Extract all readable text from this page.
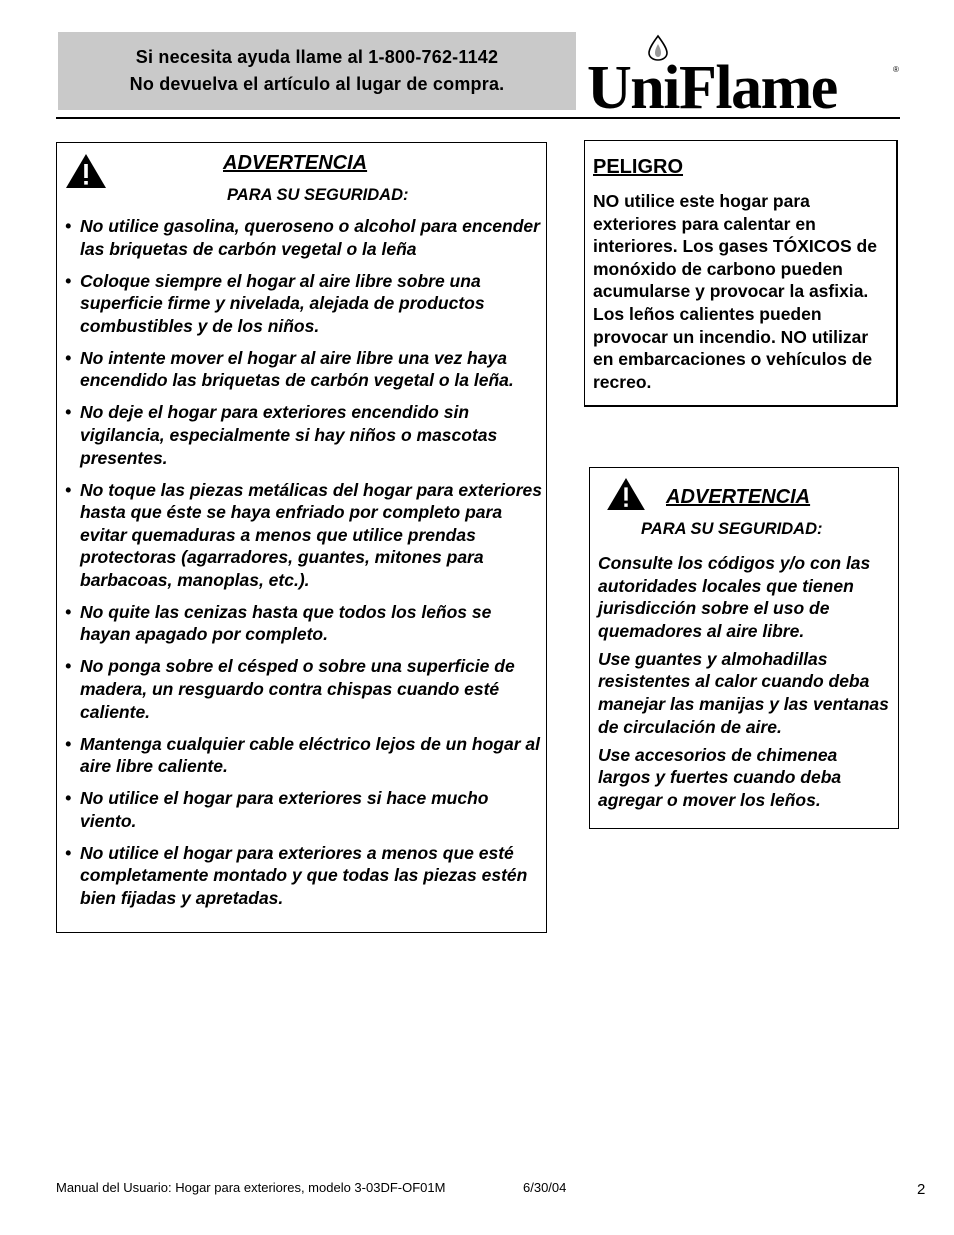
Si necesita ayuda llame al 1-800-762-1142
No devuelva el artículo al lugar de compra. UniFlame	®
ADVERTENCIA
PARA SU SEGURIDAD:
• No utilice gasolina, queroseno o alcohol para encender las briquetas de carbón vegetal o la leña
• Coloque siempre el hogar al aire libre sobre una superficie firme y nivelada, alejada de productos combustibles y de los niños.
• No intente mover el hogar al aire libre una vez haya encendido las briquetas de carbón vegetal o la leña.
• No deje el hogar para exteriores encendido sin vigilancia, especialmente si hay niños o mascotas presentes.
• No toque las piezas metálicas del hogar para exteriores hasta que éste se haya enfriado por completo para evitar quemaduras a menos que utilice prendas protectoras (agarradores, guantes, mitones para barbacoas, manoplas, etc.).
• No quite las cenizas hasta que todos los leños se hayan apagado por completo.
• No ponga sobre el césped o sobre una superficie de madera, un resguardo contra chispas cuando esté caliente.
• Mantenga cualquier cable eléctrico lejos de un hogar al aire libre caliente.
• No utilice el hogar para exteriores si hace mucho viento.
• No utilice el hogar para exteriores a menos que esté completamente montado y que todas las piezas estén bien fijadas y apretadas.
PELIGRO
NO utilice este hogar para exteriores para calentar en interiores. Los gases TÓXICOS de monóxido de carbono pueden acumularse y provocar la asfixia. Los leños calientes pueden provocar un incendio. NO utilizar en embarcaciones o vehículos de recreo.
ADVERTENCIA
PARA SU SEGURIDAD:

Consulte los códigos y/o con las autoridades locales que tienen jurisdicción sobre el uso de quemadores al aire libre.

Use guantes y almohadillas resistentes al calor cuando deba manejar las manijas y las ventanas de circulación de aire.

Use accesorios de chimenea largos y fuertes cuando deba agregar o mover los leños.

Manual del Usuario: Hogar para exteriores, modelo 3-03DF-OF01M	6/30/04	2
